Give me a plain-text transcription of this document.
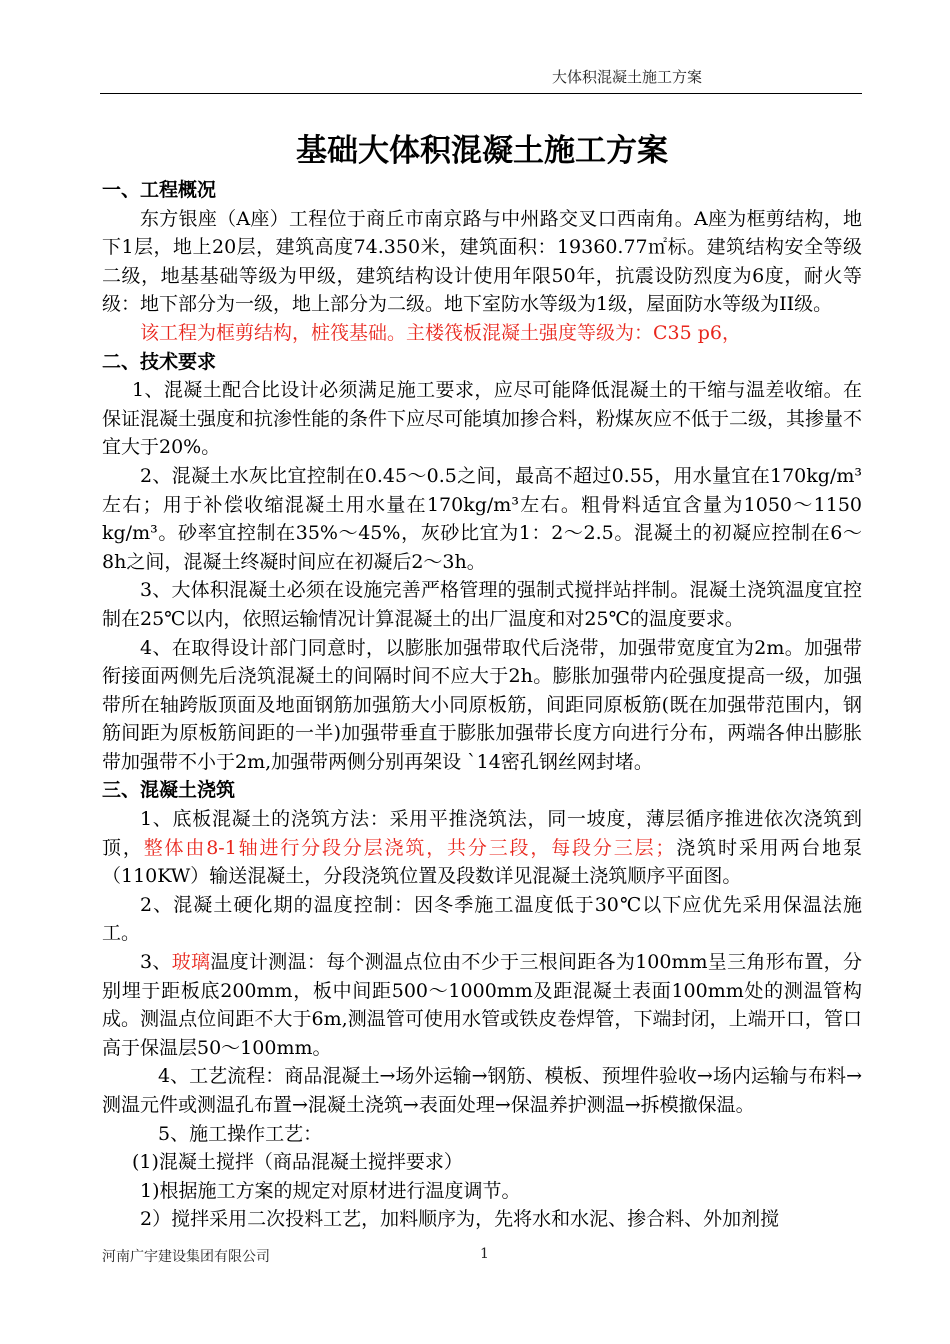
大体积混凝土施工方案
基础大体积混凝土施工方案
一、工程概况

东方银座（A座）工程位于商丘市南京路与中州路交叉口西南角。A座为框剪结构，地下1层，地上20层，建筑高度74.350米，建筑面积：19360.77㎡标。建筑结构安全等级二级，地基基础等级为甲级，建筑结构设计使用年限50年，抗震设防烈度为6度，耐火等级：地下部分为一级，地上部分为二级。地下室防水等级为1级，屋面防水等级为II级。

该工程为框剪结构，桩筏基础。主楼筏板混凝土强度等级为：C35 p6，

二、技术要求

1、混凝土配合比设计必须满足施工要求，应尽可能降低混凝土的干缩与温差收缩。在保证混凝土强度和抗渗性能的条件下应尽可能填加掺合料，粉煤灰应不低于二级，其掺量不宜大于20%。

2、混凝土水灰比宜控制在0.45～0.5之间，最高不超过0.55，用水量宜在170kg/m³左右；用于补偿收缩混凝土用水量在170kg/m³左右。粗骨料适宜含量为1050～1150 kg/m³。砂率宜控制在35%～45%，灰砂比宜为1：2～2.5。混凝土的初凝应控制在6～8h之间，混凝土终凝时间应在初凝后2～3h。

3、大体积混凝土必须在设施完善严格管理的强制式搅拌站拌制。混凝土浇筑温度宜控制在25℃以内，依照运输情况计算混凝土的出厂温度和对25℃的温度要求。

4、在取得设计部门同意时，以膨胀加强带取代后浇带，加强带宽度宜为2m。加强带衔接面两侧先后浇筑混凝土的间隔时间不应大于2h。膨胀加强带内砼强度提高一级，加强带所在轴跨版顶面及地面钢筋加强筋大小同原板筋，间距同原板筋(既在加强带范围内，钢筋间距为原板筋间距的一半)加强带垂直于膨胀加强带长度方向进行分布，两端各伸出膨胀带加强带不小于2m,加强带两侧分别再架设 `14密孔钢丝网封堵。

三、混凝土浇筑

1、底板混凝土的浇筑方法：采用平推浇筑法，同一坡度，薄层循序推进依次浇筑到顶，整体由8-1轴进行分段分层浇筑，共分三段，每段分三层；浇筑时采用两台地泵（110KW）输送混凝土，分段浇筑位置及段数详见混凝土浇筑顺序平面图。

2、混凝土硬化期的温度控制：因冬季施工温度低于30℃以下应优先采用保温法施工。

3、玻璃温度计测温：每个测温点位由不少于三根间距各为100mm呈三角形布置，分别埋于距板底200mm，板中间距500～1000mm及距混凝土表面100mm处的测温管构成。测温点位间距不大于6m,测温管可使用水管或铁皮卷焊管，下端封闭，上端开口，管口高于保温层50～100mm。

4、工艺流程：商品混凝土→场外运输→钢筋、模板、预埋件验收→场内运输与布料→测温元件或测温孔布置→混凝土浇筑→表面处理→保温养护测温→拆模撤保温。

5、施工操作工艺：

(1)混凝土搅拌（商品混凝土搅拌要求）

1)根据施工方案的规定对原材进行温度调节。

2）搅拌采用二次投料工艺，加料顺序为，先将水和水泥、掺合料、外加剂搅

河南广宇建设集团有限公司	1
